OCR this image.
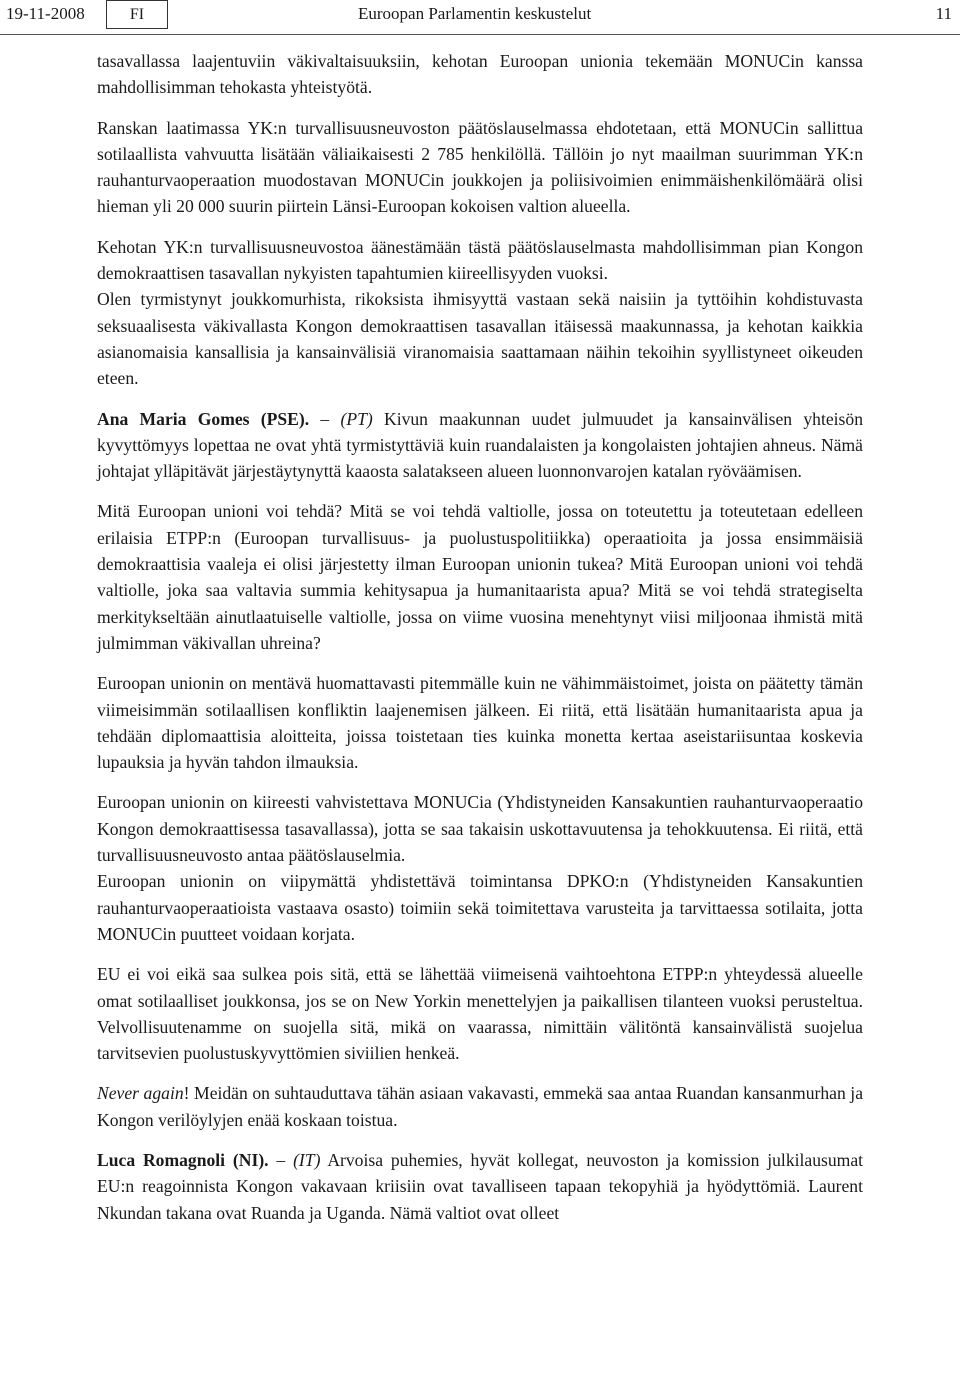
19-11-2008	FI	Euroopan Parlamentin keskustelut	11

tasavallassa laajentuviin väkivaltaisuuksiin, kehotan Euroopan unionia tekemään MONUCin kanssa mahdollisimman tehokasta yhteistyötä.

Ranskan laatimassa YK:n turvallisuusneuvoston päätöslauselmassa ehdotetaan, että MONUCin sallittua sotilaallista vahvuutta lisätään väliaikaisesti 2 785 henkilöllä. Tällöin jo nyt maailman suurimman YK:n rauhanturvaoperaation muodostavan MONUCin joukkojen ja poliisivoimien enimmäishenkilömäärä olisi hieman yli 20 000 suurin piirtein Länsi-Euroopan kokoisen valtion alueella.

Kehotan YK:n turvallisuusneuvostoa äänestämään tästä päätöslauselmasta mahdollisimman pian Kongon demokraattisen tasavallan nykyisten tapahtumien kiireellisyyden vuoksi.

Olen tyrmistynyt joukkomurhista, rikoksista ihmisyyttä vastaan sekä naisiin ja tyttöihin kohdistuvasta seksuaalisesta väkivallasta Kongon demokraattisen tasavallan itäisessä maakunnassa, ja kehotan kaikkia asianomaisia kansallisia ja kansainvälisiä viranomaisia saattamaan näihin tekoihin syyllistyneet oikeuden eteen.

Ana Maria Gomes (PSE). – (PT) Kivun maakunnan uudet julmuudet ja kansainvälisen yhteisön kyvyttömyys lopettaa ne ovat yhtä tyrmistyttäviä kuin ruandalaisten ja kongolaisten johtajien ahneus. Nämä johtajat ylläpitävät järjestäytynyttä kaaosta salatakseen alueen luonnonvarojen katalan ryöväämisen.

Mitä Euroopan unioni voi tehdä? Mitä se voi tehdä valtiolle, jossa on toteutettu ja toteutetaan edelleen erilaisia ETPP:n (Euroopan turvallisuus- ja puolustuspolitiikka) operaatioita ja jossa ensimmäisiä demokraattisia vaaleja ei olisi järjestetty ilman Euroopan unionin tukea? Mitä Euroopan unioni voi tehdä valtiolle, joka saa valtavia summia kehitysapua ja humanitaarista apua? Mitä se voi tehdä strategiselta merkitykseltään ainutlaatuiselle valtiolle, jossa on viime vuosina menehtynyt viisi miljoonaa ihmistä mitä julmimman väkivallan uhreina?

Euroopan unionin on mentävä huomattavasti pitemmälle kuin ne vähimmäistoimet, joista on päätetty tämän viimeisimmän sotilaallisen konfliktin laajenemisen jälkeen. Ei riitä, että lisätään humanitaarista apua ja tehdään diplomaattisia aloitteita, joissa toistetaan ties kuinka monetta kertaa aseistariisuntaa koskevia lupauksia ja hyvän tahdon ilmauksia.

Euroopan unionin on kiireesti vahvistettava MONUCia (Yhdistyneiden Kansakuntien rauhanturvaoperaatio Kongon demokraattisessa tasavallassa), jotta se saa takaisin uskottavuutensa ja tehokkuutensa. Ei riitä, että turvallisuusneuvosto antaa päätöslauselmia.

Euroopan unionin on viipymättä yhdistettävä toimintansa DPKO:n (Yhdistyneiden Kansakuntien rauhanturvaoperaatioista vastaava osasto) toimiin sekä toimitettava varusteita ja tarvittaessa sotilaita, jotta MONUCin puutteet voidaan korjata.

EU ei voi eikä saa sulkea pois sitä, että se lähettää viimeisenä vaihtoehtona ETPP:n yhteydessä alueelle omat sotilaalliset joukkonsa, jos se on New Yorkin menettelyjen ja paikallisen tilanteen vuoksi perusteltua. Velvollisuutenamme on suojella sitä, mikä on vaarassa, nimittäin välitöntä kansainvälistä suojelua tarvitsevien puolustuskyvyttömien siviilien henkeä.

Never again! Meidän on suhtauduttava tähän asiaan vakavasti, emmekä saa antaa Ruandan kansanmurhan ja Kongon verilöylyjen enää koskaan toistua.

Luca Romagnoli (NI). – (IT) Arvoisa puhemies, hyvät kollegat, neuvoston ja komission julkilausumat EU:n reagoinnista Kongon vakavaan kriisiin ovat tavalliseen tapaan tekopyhiä ja hyödyttömiä. Laurent Nkundan takana ovat Ruanda ja Uganda. Nämä valtiot ovat olleet
